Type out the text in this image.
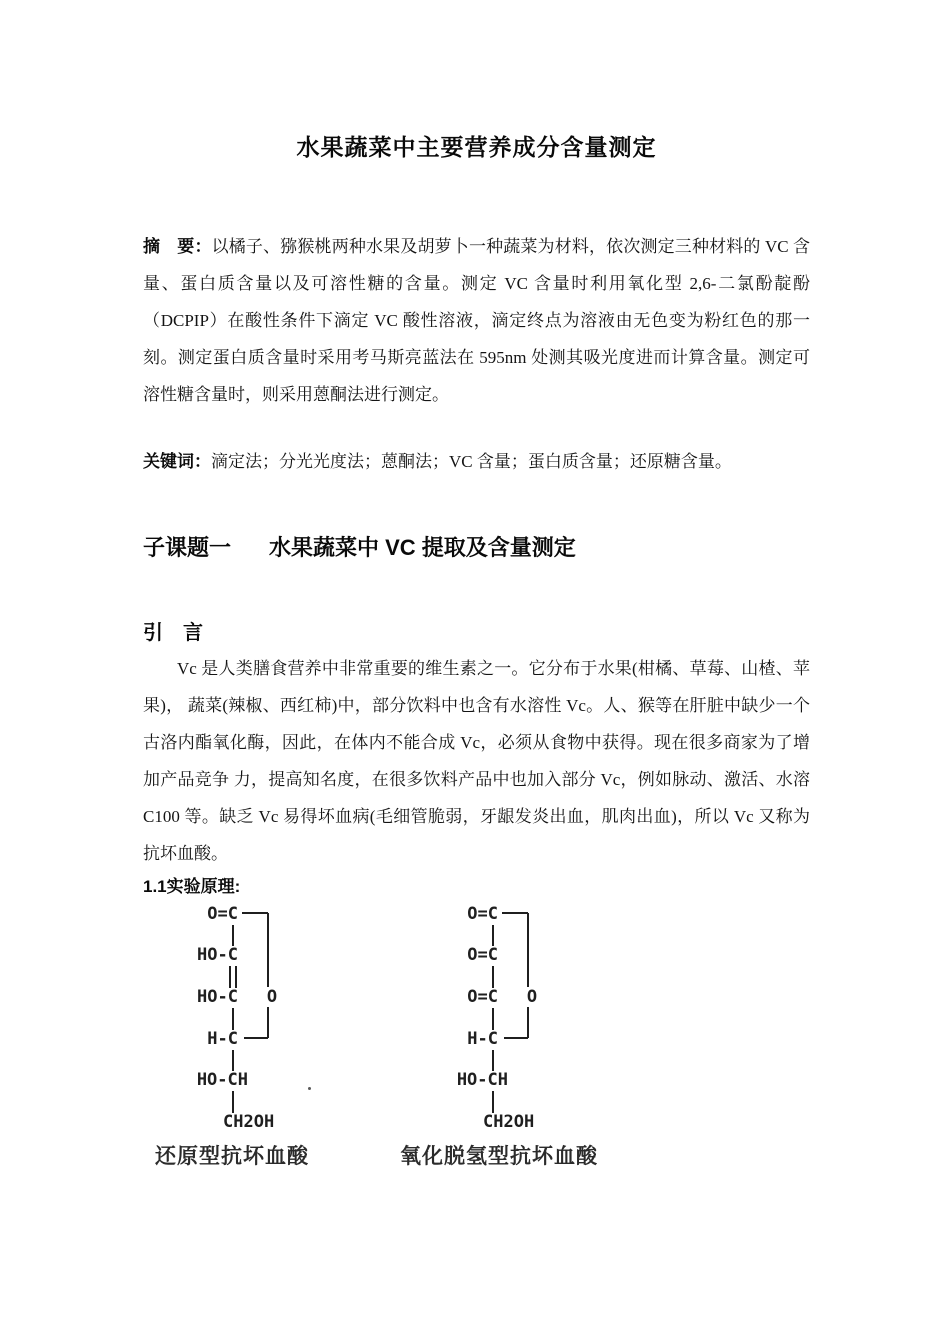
水果蔬菜中主要营养成分含量测定

摘　要：以橘子、猕猴桃两种水果及胡萝卜一种蔬菜为材料，依次测定三种材料的 VC 含量、蛋白质含量以及可溶性糖的含量。测定 VC 含量时利用氧化型 2,6-二氯酚靛酚（DCPIP）在酸性条件下滴定 VC 酸性溶液，滴定终点为溶液由无色变为粉红色的那一刻。测定蛋白质含量时采用考马斯亮蓝法在 595nm 处测其吸光度进而计算含量。测定可溶性糖含量时，则采用蒽酮法进行测定。

关键词：滴定法；分光光度法；蒽酮法；VC 含量；蛋白质含量；还原糖含量。

子课题一 水果蔬菜中 VC 提取及含量测定
引　言

Vc 是人类膳食营养中非常重要的维生素之一。它分布于水果(柑橘、草莓、山楂、苹果)， 蔬菜(辣椒、西红柿)中，部分饮料中也含有水溶性 Vc。人、猴等在肝脏中缺少一个古洛内酯氧化酶，因此，在体内不能合成 Vc，必须从食物中获得。现在很多商家为了增加产品竞争 力，提高知名度，在很多饮料产品中也加入部分 Vc，例如脉动、激活、水溶C100 等。缺乏 Vc 易得坏血病(毛细管脆弱，牙龈发炎出血，肌肉出血)，所以 Vc 又称为抗坏血酸。

1.1实验原理:
O=C
HO-C
HO-C O
H-C
HO-CH
CH2OH
还原型抗坏血酸
O=C
O=C
O=C O
H-C
HO-CH
CH2OH
氧化脱氢型抗坏血酸
